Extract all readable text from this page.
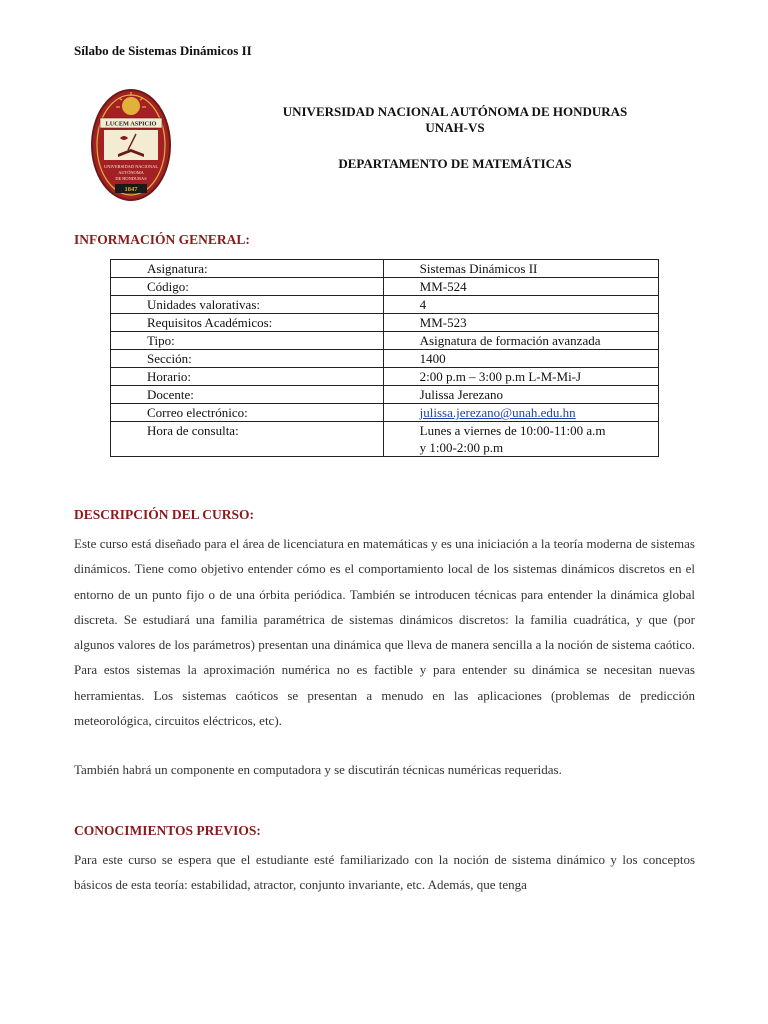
Sílabo de Sistemas Dinámicos II
LUCEM ASPICIO
UNIVERSIDAD NACIONAL
AUTÓNOMA
DE HONDURAS
1847
UNIVERSIDAD NACIONAL AUTÓNOMA DE HONDURAS
UNAH-VS
DEPARTAMENTO DE MATEMÁTICAS
INFORMACIÓN GENERAL:
Asignatura:	Sistemas Dinámicos II
Código:	MM-524
Unidades valorativas:	4
Requisitos Académicos:	MM-523
Tipo:	Asignatura de formación avanzada
Sección:	1400
Horario:	2:00 p.m – 3:00 p.m L-M-Mi-J
Docente:	Julissa Jerezano
Correo electrónico:	julissa.jerezano@unah.edu.hn
Hora de consulta:	Lunes a viernes de 10:00-11:00 a.m
y 1:00-2:00 p.m
DESCRIPCIÓN DEL CURSO:
Este curso está diseñado para el área de licenciatura en matemáticas y es una iniciación a la teoría moderna de sistemas dinámicos. Tiene como objetivo entender cómo es el comportamiento local de los sistemas dinámicos discretos en el entorno de un punto fijo o de una órbita periódica. También se introducen técnicas para entender la dinámica global discreta. Se estudiará una familia paramétrica de sistemas dinámicos discretos: la familia cuadrática, y que (por algunos valores de los parámetros) presentan una dinámica que lleva de manera sencilla a la noción de sistema caótico. Para estos sistemas la aproximación numérica no es factible y para entender su dinámica se necesitan nuevas herramientas. Los sistemas caóticos se presentan a menudo en las aplicaciones (problemas de predicción meteorológica, circuitos eléctricos, etc).
También habrá un componente en computadora y se discutirán técnicas numéricas requeridas.
CONOCIMIENTOS PREVIOS:
Para este curso se espera que el estudiante esté familiarizado con la noción de sistema dinámico y los conceptos básicos de esta teoría: estabilidad, atractor, conjunto invariante, etc. Además, que tenga
